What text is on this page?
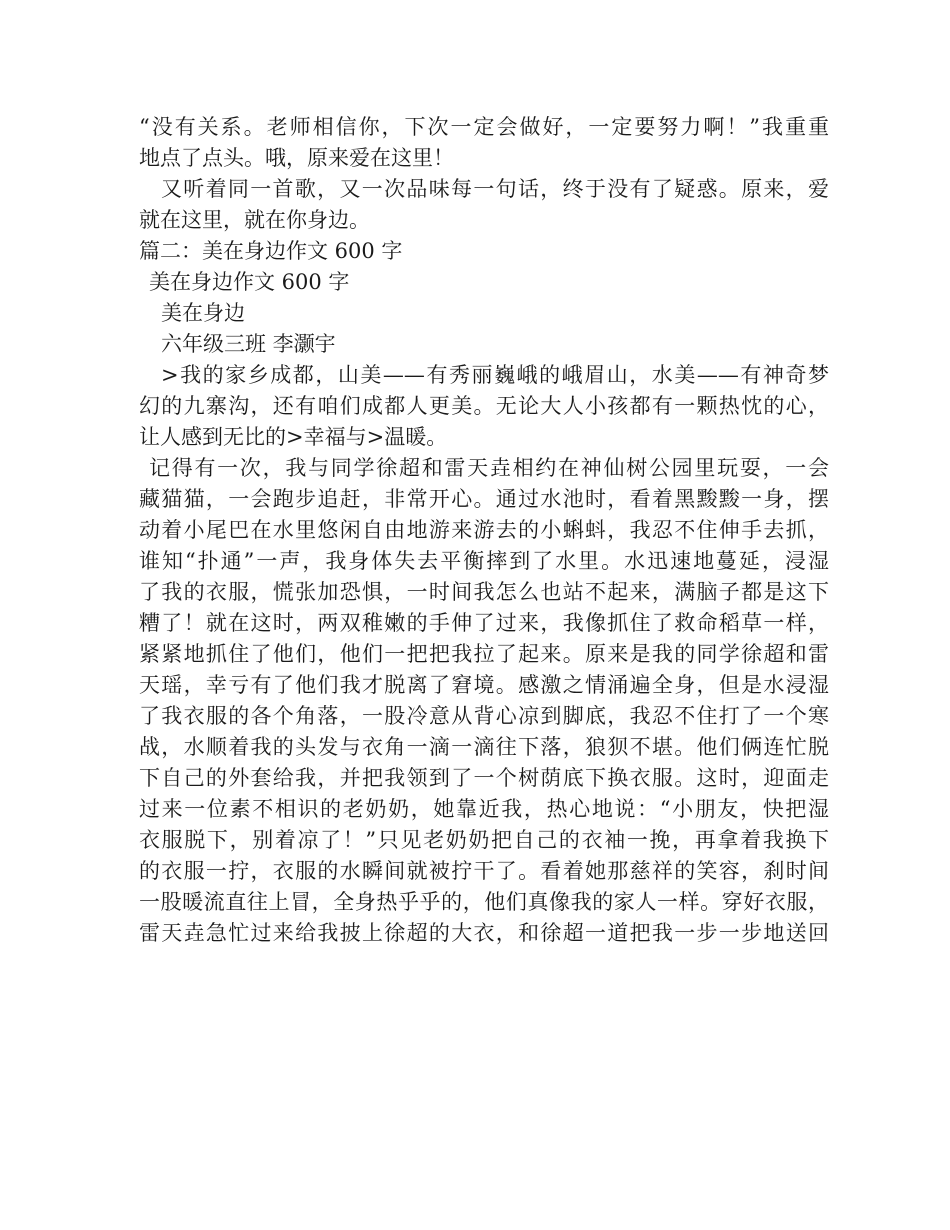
“没有关系。老师相信你，下次一定会做好，一定要努力啊！”我重重
地点了点头。哦，原来爱在这里！
又听着同一首歌，又一次品味每一句话，终于没有了疑惑。原来，爱
就在这里，就在你身边。
篇二：美在身边作文 600 字
美在身边作文 600 字
美在身边
六年级三班 李灏宇
>我的家乡成都，山美——有秀丽巍峨的峨眉山，水美——有神奇梦
幻的九寨沟，还有咱们成都人更美。无论大人小孩都有一颗热忱的心，
让人感到无比的>幸福与>温暖。
记得有一次，我与同学徐超和雷天垚相约在神仙树公园里玩耍，一会
藏猫猫，一会跑步追赶，非常开心。通过水池时，看着黑黢黢一身，摆
动着小尾巴在水里悠闲自由地游来游去的小蝌蚪，我忍不住伸手去抓，
谁知“扑通”一声，我身体失去平衡摔到了水里。水迅速地蔓延，浸湿
了我的衣服，慌张加恐惧，一时间我怎么也站不起来，满脑子都是这下
糟了！就在这时，两双稚嫩的手伸了过来，我像抓住了救命稻草一样，
紧紧地抓住了他们，他们一把把我拉了起来。原来是我的同学徐超和雷
天瑶，幸亏有了他们我才脱离了窘境。感激之情涌遍全身，但是水浸湿
了我衣服的各个角落，一股冷意从背心凉到脚底，我忍不住打了一个寒
战，水顺着我的头发与衣角一滴一滴往下落，狼狈不堪。他们俩连忙脱
下自己的外套给我，并把我领到了一个树荫底下换衣服。这时，迎面走
过来一位素不相识的老奶奶，她靠近我，热心地说：“小朋友，快把湿
衣服脱下，别着凉了！”只见老奶奶把自己的衣袖一挽，再拿着我换下
的衣服一拧，衣服的水瞬间就被拧干了。看着她那慈祥的笑容，刹时间
一股暖流直往上冒，全身热乎乎的，他们真像我的家人一样。穿好衣服，
雷天垚急忙过来给我披上徐超的大衣，和徐超一道把我一步一步地送回
